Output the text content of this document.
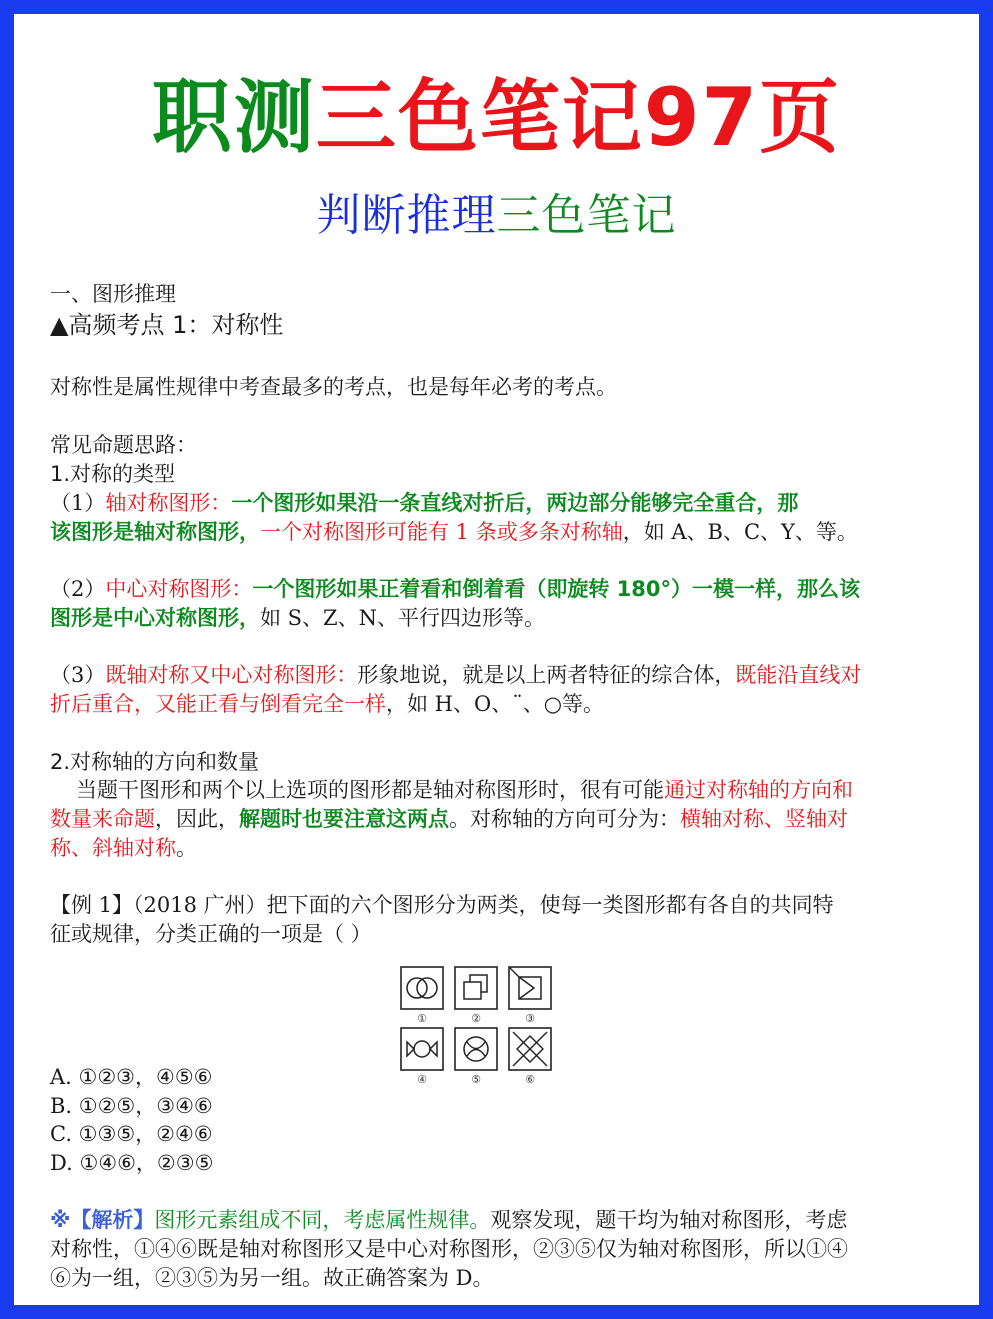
职测三色笔记97页
判断推理三色笔记
一、图形推理
▲高频考点 1：对称性
对称性是属性规律中考查最多的考点，也是每年必考的考点。
常见命题思路：
1.对称的类型
（1）轴对称图形：一个图形如果沿一条直线对折后，两边部分能够完全重合，那
该图形是轴对称图形，一个对称图形可能有 1 条或多条对称轴，如 A、B、C、Y、等。
（2）中心对称图形：一个图形如果正着看和倒着看（即旋转 180°）一模一样，那么该
图形是中心对称图形，如 S、Z、N、平行四边形等。
（3）既轴对称又中心对称图形：形象地说，就是以上两者特征的综合体，既能沿直线对
折后重合，又能正看与倒看完全一样，如 H、O、¨、○等。
2.对称轴的方向和数量
当题干图形和两个以上选项的图形都是轴对称图形时，很有可能通过对称轴的方向和
数量来命题，因此，解题时也要注意这两点。对称轴的方向可分为：横轴对称、竖轴对
称、斜轴对称。
【例 1】（2018 广州）把下面的六个图形分为两类，使每一类图形都有各自的共同特
征或规律，分类正确的一项是（ ）
①	②	③
④	⑤	⑥
A. ①②③，④⑤⑥
B. ①②⑤，③④⑥
C. ①③⑤，②④⑥
D. ①④⑥，②③⑤
※【解析】图形元素组成不同，考虑属性规律。观察发现，题干均为轴对称图形，考虑
对称性，①④⑥既是轴对称图形又是中心对称图形，②③⑤仅为轴对称图形，所以①④
⑥为一组，②③⑤为另一组。故正确答案为 D。
